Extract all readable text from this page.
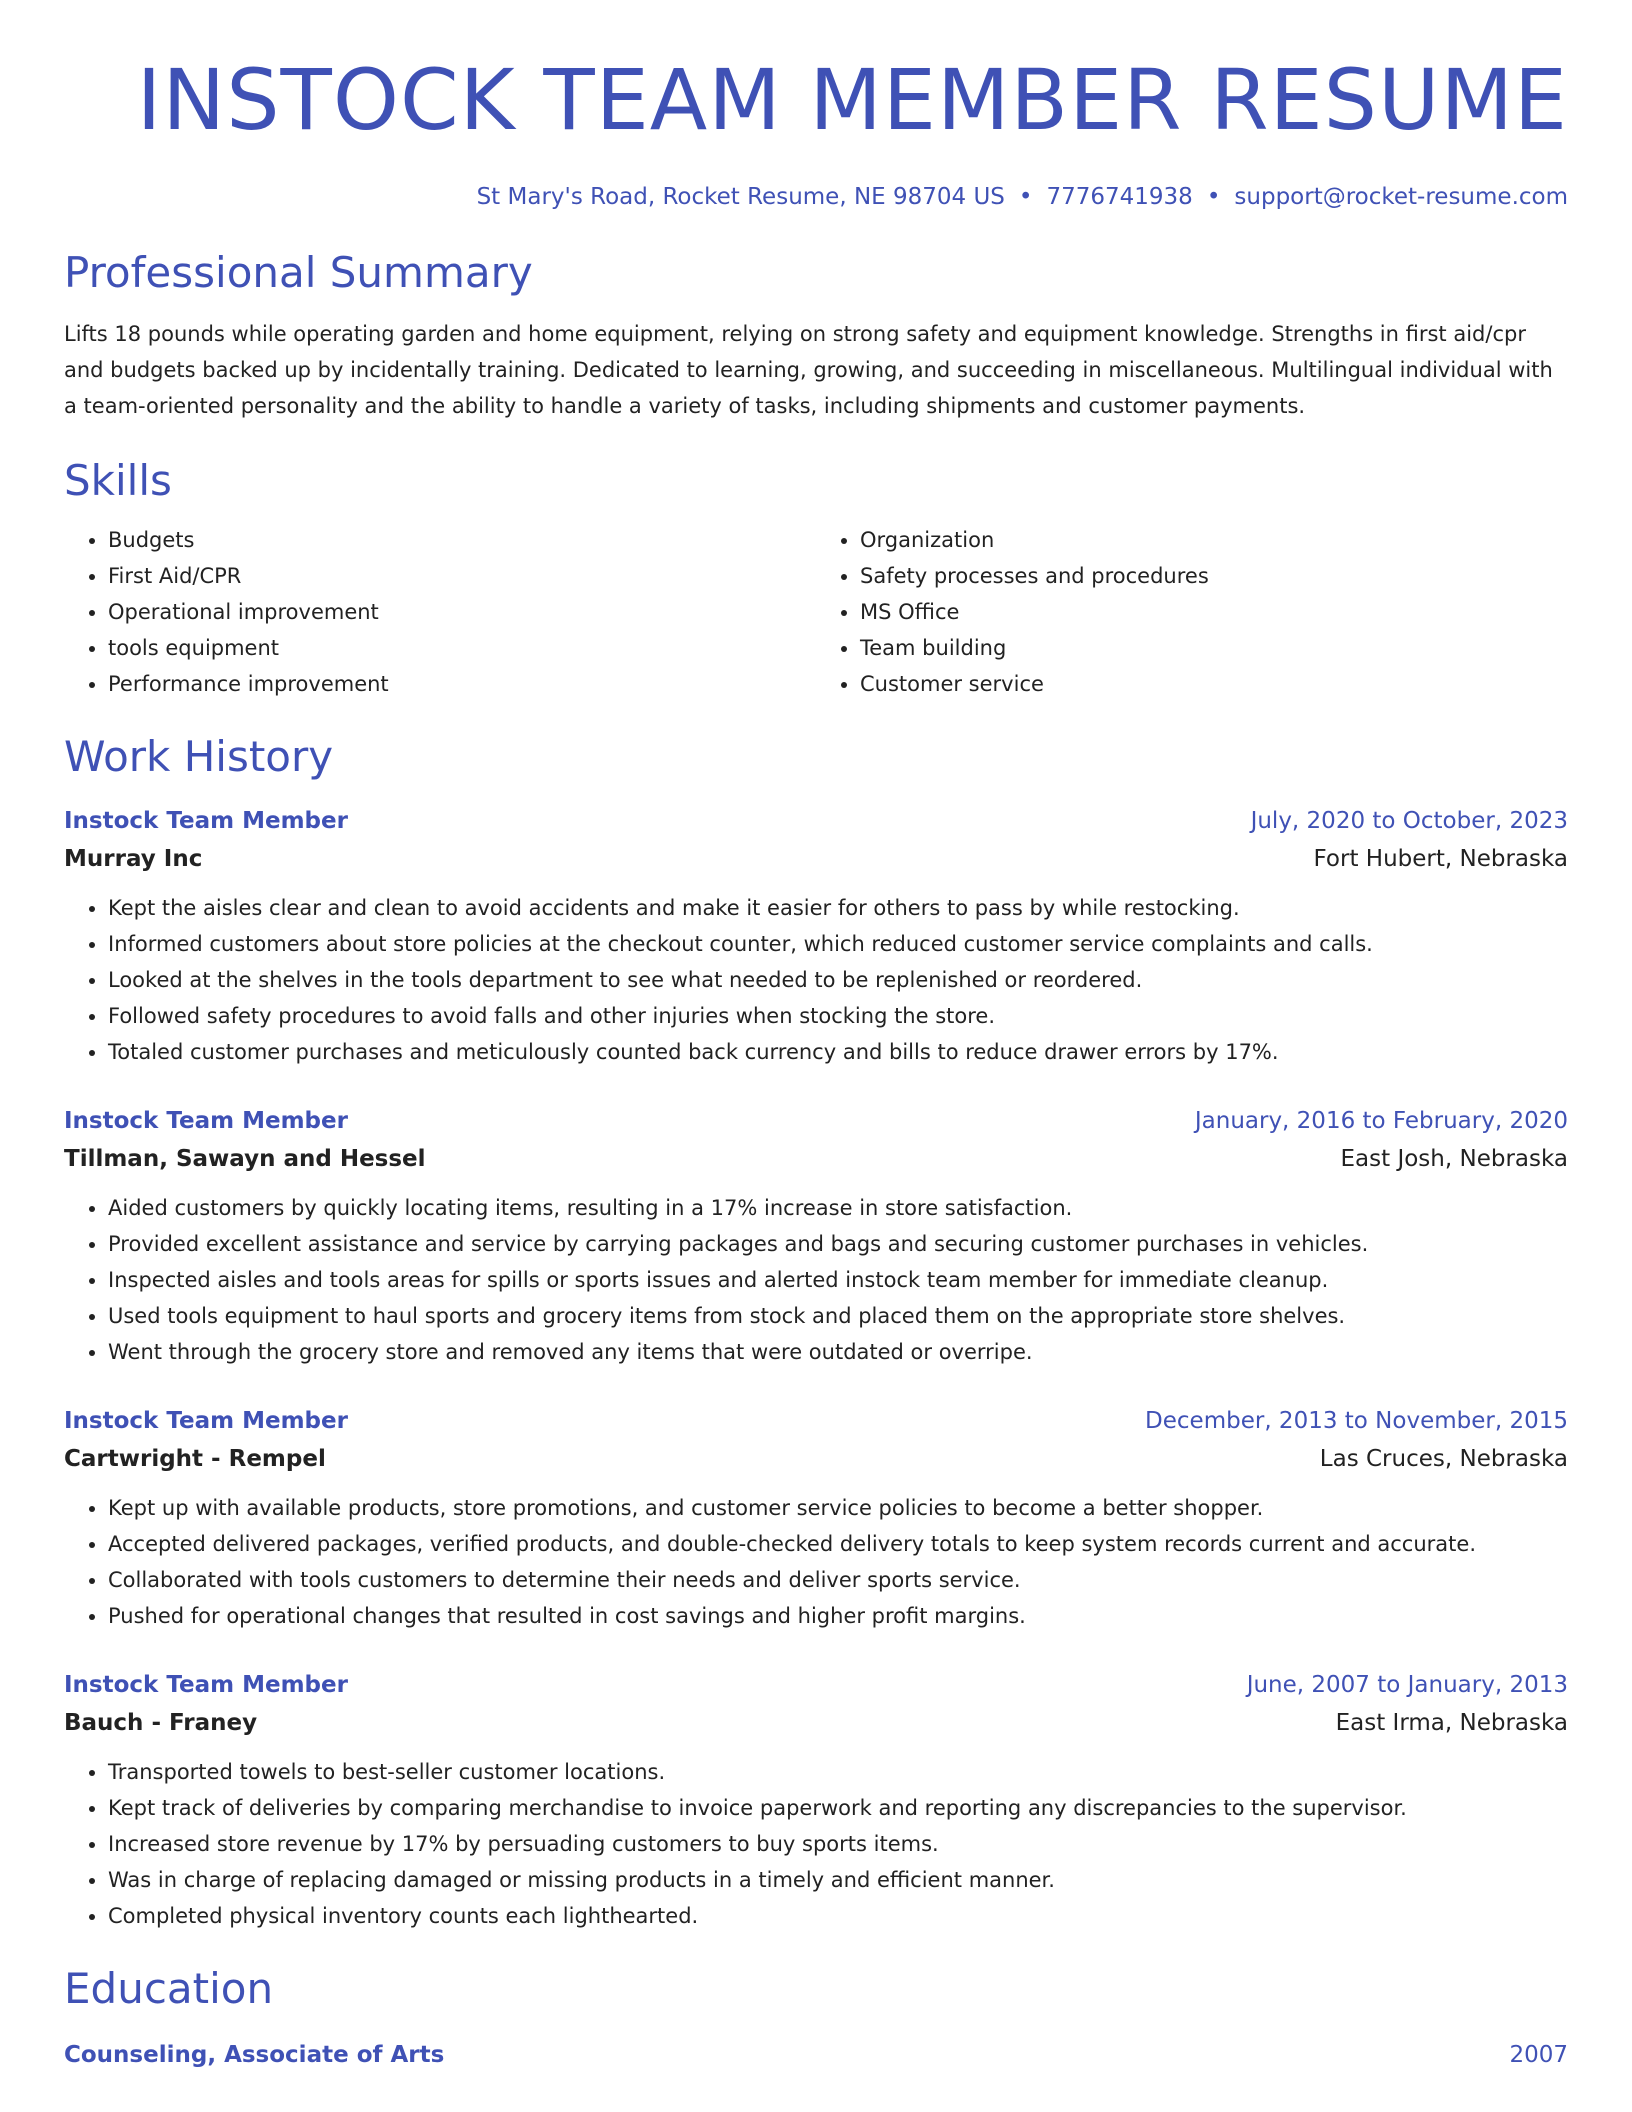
INSTOCK TEAM MEMBER RESUME
St Mary's Road, Rocket Resume, NE 98704 US • 7776741938 • support@rocket-resume.com
Professional Summary
Lifts 18 pounds while operating garden and home equipment, relying on strong safety and equipment knowledge. Strengths in first aid/cpr and budgets backed up by incidentally training. Dedicated to learning, growing, and succeeding in miscellaneous. Multilingual individual with a team-oriented personality and the ability to handle a variety of tasks, including shipments and customer payments.
Skills
• Budgets
• First Aid/CPR
• Operational improvement
• tools equipment
• Performance improvement
• Organization
• Safety processes and procedures
• MS Office
• Team building
• Customer service
Work History
Instock Team Member	July, 2020 to October, 2023
Murray Inc	Fort Hubert, Nebraska
• Kept the aisles clear and clean to avoid accidents and make it easier for others to pass by while restocking.
• Informed customers about store policies at the checkout counter, which reduced customer service complaints and calls.
• Looked at the shelves in the tools department to see what needed to be replenished or reordered.
• Followed safety procedures to avoid falls and other injuries when stocking the store.
• Totaled customer purchases and meticulously counted back currency and bills to reduce drawer errors by 17%.
Instock Team Member	January, 2016 to February, 2020
Tillman, Sawayn and Hessel	East Josh, Nebraska
• Aided customers by quickly locating items, resulting in a 17% increase in store satisfaction.
• Provided excellent assistance and service by carrying packages and bags and securing customer purchases in vehicles.
• Inspected aisles and tools areas for spills or sports issues and alerted instock team member for immediate cleanup.
• Used tools equipment to haul sports and grocery items from stock and placed them on the appropriate store shelves.
• Went through the grocery store and removed any items that were outdated or overripe.
Instock Team Member	December, 2013 to November, 2015
Cartwright - Rempel	Las Cruces, Nebraska
• Kept up with available products, store promotions, and customer service policies to become a better shopper.
• Accepted delivered packages, verified products, and double-checked delivery totals to keep system records current and accurate.
• Collaborated with tools customers to determine their needs and deliver sports service.
• Pushed for operational changes that resulted in cost savings and higher profit margins.
Instock Team Member	June, 2007 to January, 2013
Bauch - Franey	East Irma, Nebraska
• Transported towels to best-seller customer locations.
• Kept track of deliveries by comparing merchandise to invoice paperwork and reporting any discrepancies to the supervisor.
• Increased store revenue by 17% by persuading customers to buy sports items.
• Was in charge of replacing damaged or missing products in a timely and efficient manner.
• Completed physical inventory counts each lighthearted.
Education
Counseling, Associate of Arts	2007
